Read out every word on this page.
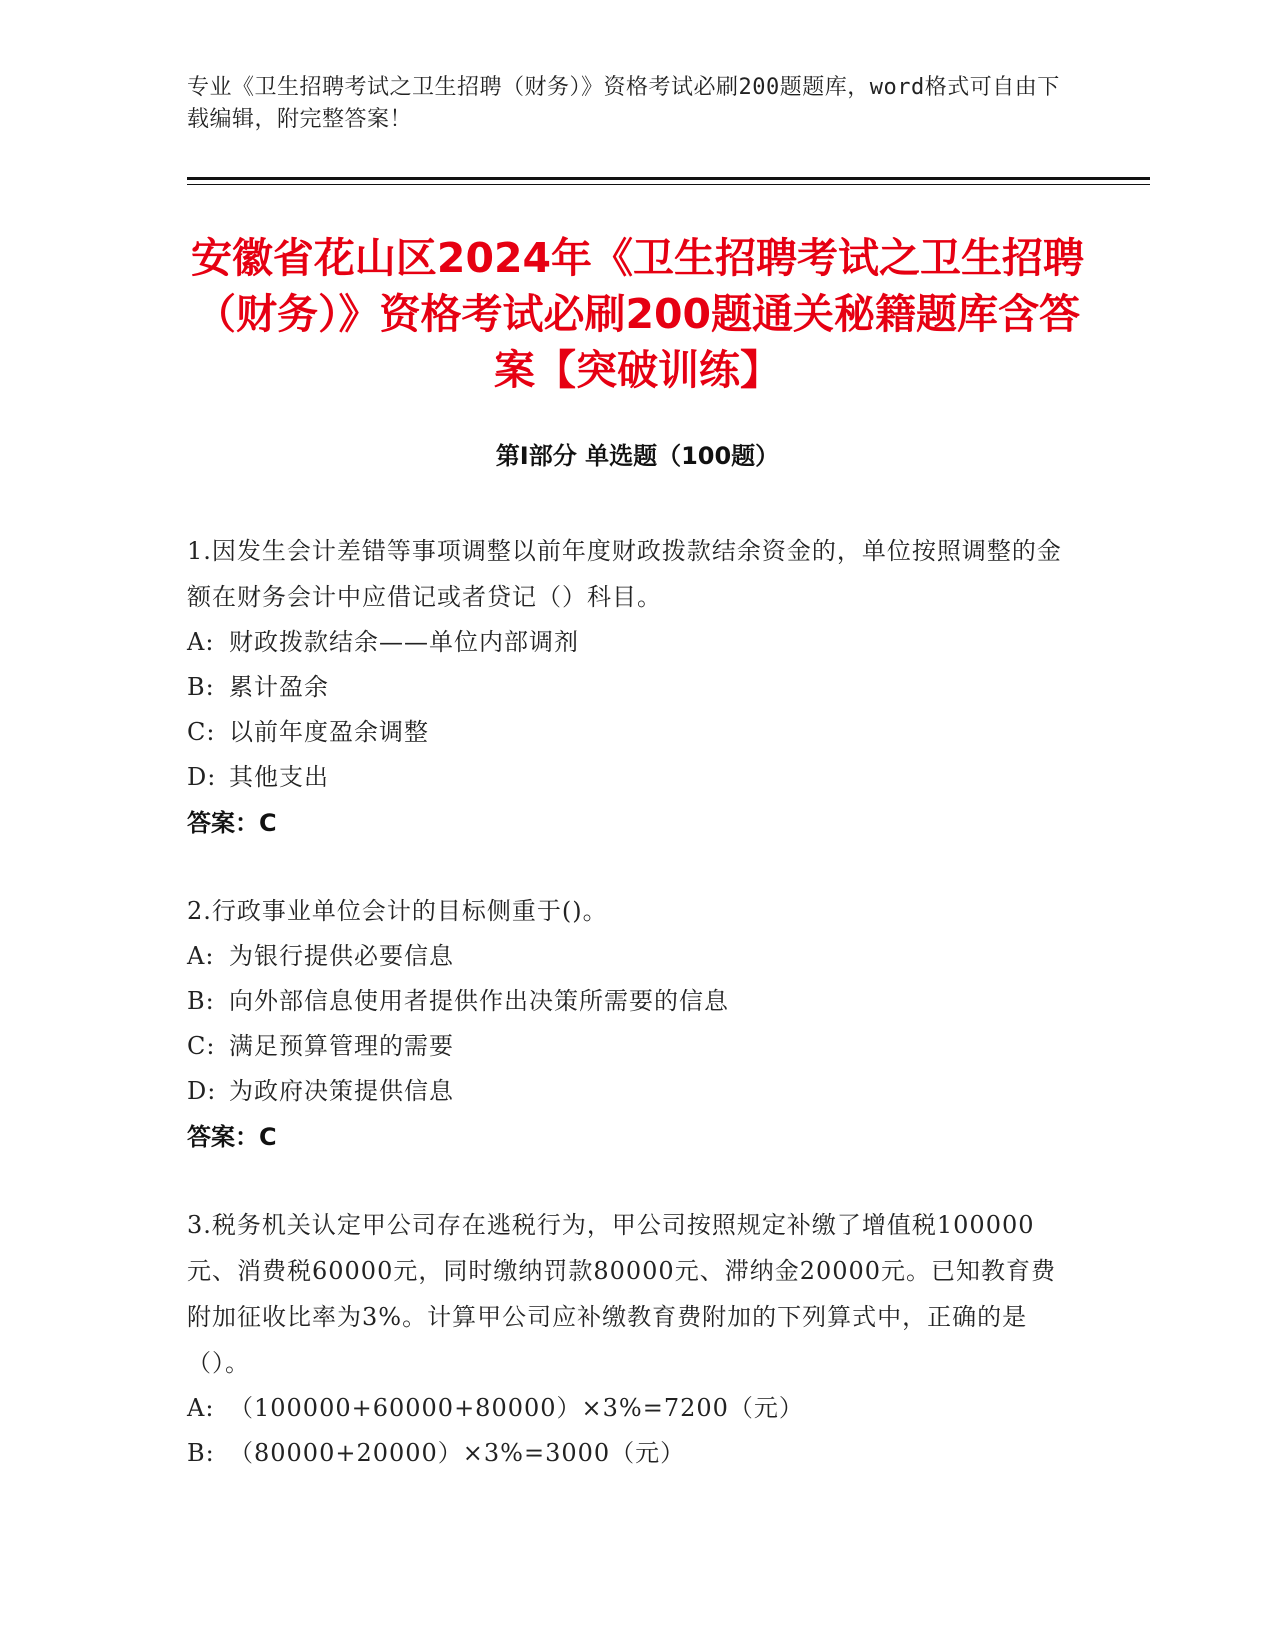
专业《卫生招聘考试之卫生招聘（财务）》资格考试必刷200题题库，word格式可自由下载编辑，附完整答案！
安徽省花山区2024年《卫生招聘考试之卫生招聘（财务）》资格考试必刷200题通关秘籍题库含答案【突破训练】
第I部分 单选题（100题）

1.因发生会计差错等事项调整以前年度财政拨款结余资金的，单位按照调整的金额在财务会计中应借记或者贷记（）科目。

A: 财政拨款结余——单位内部调剂

B: 累计盈余

C: 以前年度盈余调整

D: 其他支出

答案：C

2.行政事业单位会计的目标侧重于()。

A: 为银行提供必要信息

B: 向外部信息使用者提供作出决策所需要的信息

C: 满足预算管理的需要

D: 为政府决策提供信息

答案：C

3.税务机关认定甲公司存在逃税行为，甲公司按照规定补缴了增值税100000元、消费税60000元，同时缴纳罚款80000元、滞纳金20000元。已知教育费附加征收比率为3%。计算甲公司应补缴教育费附加的下列算式中，正确的是（）。

A: （100000+60000+80000）×3%=7200（元）

B: （80000+20000）×3%=3000（元）
